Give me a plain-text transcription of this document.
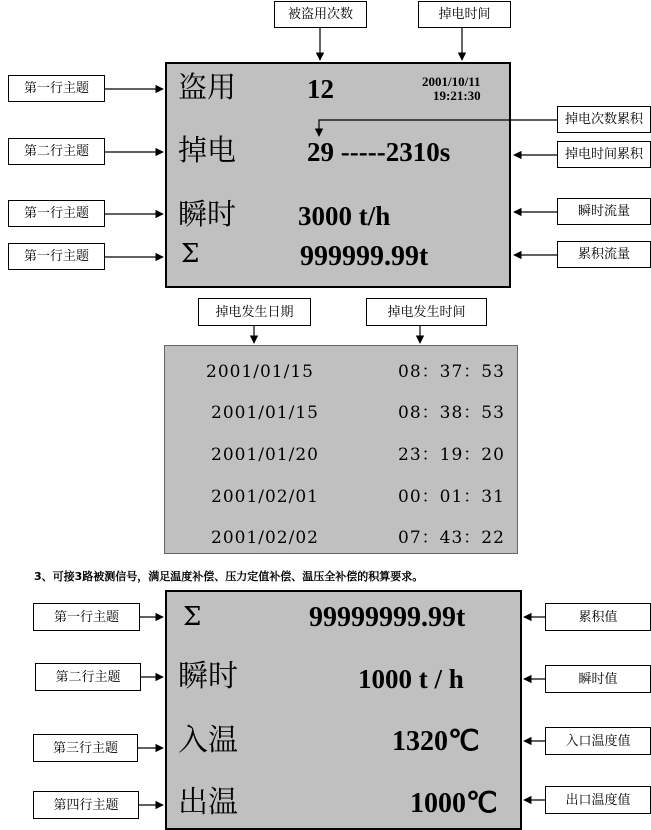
被盗用次数	掉电时间
第一行主题
第二行主题
第一行主题
第一行主题
掉电次数累积
掉电时间累积
瞬时流量
累积流量
盗用	12	2001/10/11
19:21:30
掉电	29 -----2310s
瞬时 3000 t/h
Σ	999999.99t
掉电发生日期	掉电发生时间
2001/01/15	08：37：53
2001/01/15	08：38：53
2001/01/20	23：19：20
2001/02/01	00：01：31
2001/02/02	07：43：22
3、可接3路被测信号，满足温度补偿、压力定值补偿、温压全补偿的积算要求。
第一行主题
第二行主题
第三行主题
第四行主题
累积值
瞬时值
入口温度值
出口温度值
Σ	99999999.99t
瞬时	1000 t / h
入温	1320℃
出温	1000℃
